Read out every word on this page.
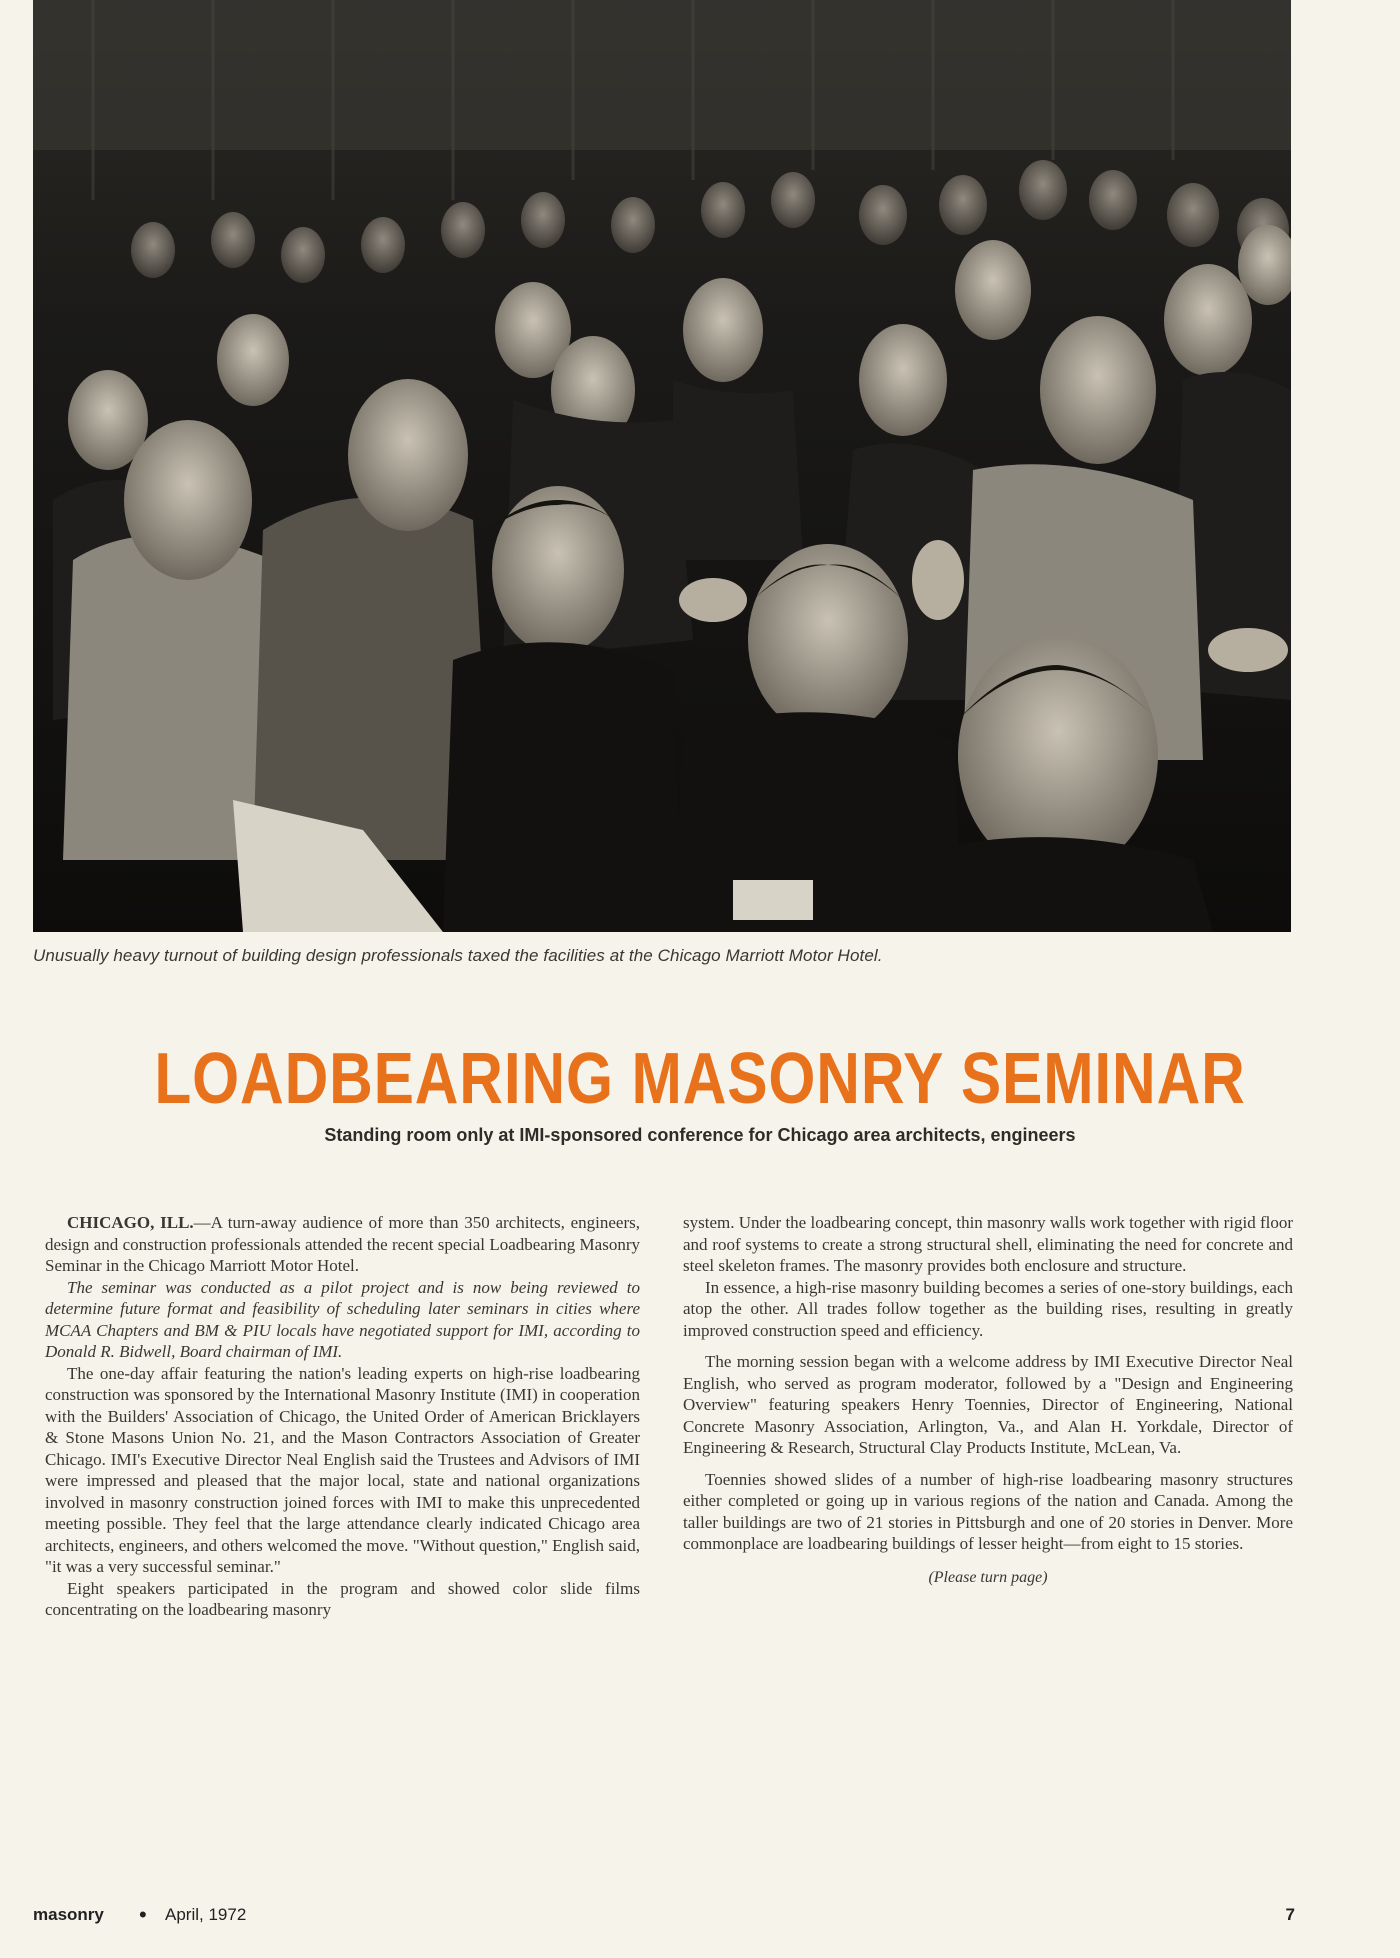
Unusually heavy turnout of building design professionals taxed the facilities at the Chicago Marriott Motor Hotel.
LOADBEARING MASONRY SEMINAR
Standing room only at IMI-sponsored conference for Chicago area architects, engineers

CHICAGO, ILL.—A turn-away audience of more than 350 architects, engineers, design and construction professionals attended the recent special Loadbearing Masonry Seminar in the Chicago Marriott Motor Hotel.

The seminar was conducted as a pilot project and is now being reviewed to determine future format and feasibility of scheduling later seminars in cities where MCAA Chapters and BM & PIU locals have negotiated support for IMI, according to Donald R. Bidwell, Board chairman of IMI.

The one-day affair featuring the nation's leading experts on high-rise loadbearing construction was sponsored by the International Masonry Institute (IMI) in cooperation with the Builders' Association of Chicago, the United Order of American Bricklayers & Stone Masons Union No. 21, and the Mason Contractors Association of Greater Chicago. IMI's Executive Director Neal English said the Trustees and Advisors of IMI were impressed and pleased that the major local, state and national organizations involved in masonry construction joined forces with IMI to make this unprecedented meeting possible. They feel that the large attendance clearly indicated Chicago area architects, engineers, and others welcomed the move. "Without question," English said, "it was a very successful seminar."

Eight speakers participated in the program and showed color slide films concentrating on the loadbearing masonry

system. Under the loadbearing concept, thin masonry walls work together with rigid floor and roof systems to create a strong structural shell, eliminating the need for concrete and steel skeleton frames. The masonry provides both enclosure and structure.

In essence, a high-rise masonry building becomes a series of one-story buildings, each atop the other. All trades follow together as the building rises, resulting in greatly improved construction speed and efficiency.

The morning session began with a welcome address by IMI Executive Director Neal English, who served as program moderator, followed by a "Design and Engineering Overview" featuring speakers Henry Toennies, Director of Engineering, National Concrete Masonry Association, Arlington, Va., and Alan H. Yorkdale, Director of Engineering & Research, Structural Clay Products Institute, McLean, Va.

Toennies showed slides of a number of high-rise loadbearing masonry structures either completed or going up in various regions of the nation and Canada. Among the taller buildings are two of 21 stories in Pittsburgh and one of 20 stories in Denver. More commonplace are loadbearing buildings of lesser height—from eight to 15 stories.

(Please turn page)
masonry • April, 1972	7
